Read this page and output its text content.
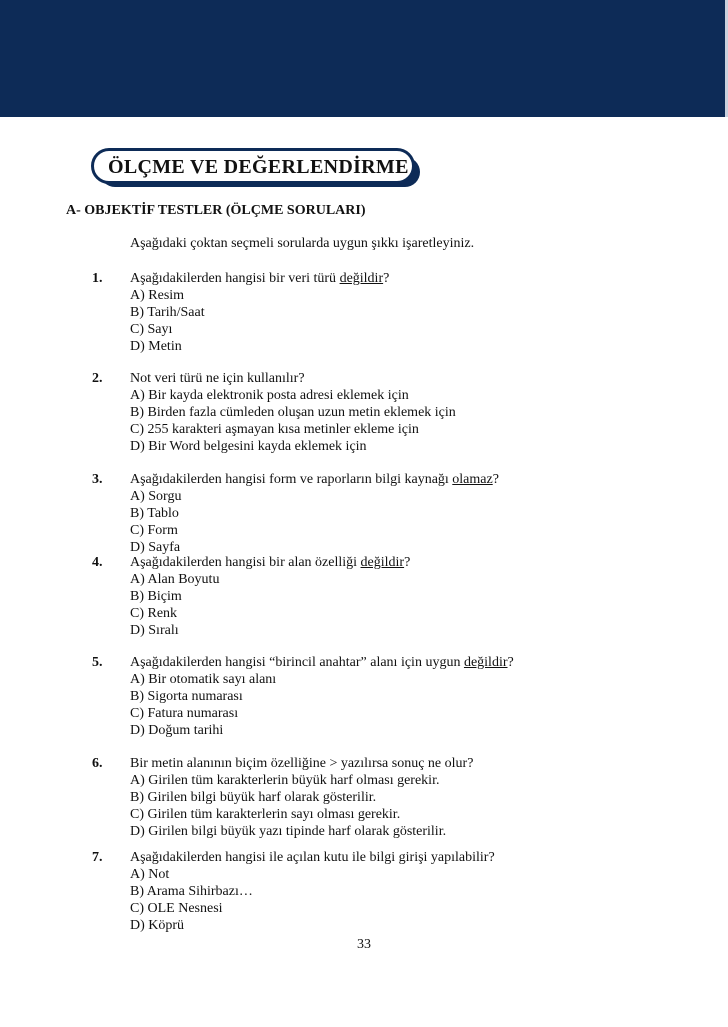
ÖLÇME VE DEĞERLENDİRME
A- OBJEKTİF TESTLER (ÖLÇME SORULARI)
Aşağıdaki çoktan seçmeli sorularda uygun şıkkı işaretleyiniz.
1. Aşağıdakilerden hangisi bir veri türü değildir?
A) Resim
B) Tarih/Saat
C) Sayı
D) Metin
2. Not veri türü ne için kullanılır?
A) Bir kayda elektronik posta adresi eklemek için
B) Birden fazla cümleden oluşan uzun metin eklemek için
C) 255 karakteri aşmayan kısa metinler ekleme için
D) Bir Word belgesini kayda eklemek için
3. Aşağıdakilerden hangisi form ve raporların bilgi kaynağı olamaz?
A) Sorgu
B) Tablo
C) Form
D) Sayfa
4. Aşağıdakilerden hangisi bir alan özelliği değildir?
A) Alan Boyutu
B) Biçim
C) Renk
D) Sıralı
5. Aşağıdakilerden hangisi “birincil anahtar” alanı için uygun değildir?
A) Bir otomatik sayı alanı
B) Sigorta numarası
C) Fatura numarası
D) Doğum tarihi
6. Bir metin alanının biçim özelliğine > yazılırsa sonuç ne olur?
A) Girilen tüm karakterlerin büyük harf olması gerekir.
B) Girilen bilgi büyük harf olarak gösterilir.
C) Girilen tüm karakterlerin sayı olması gerekir.
D) Girilen bilgi büyük yazı tipinde harf olarak gösterilir.
7. Aşağıdakilerden hangisi ile açılan kutu ile bilgi girişi yapılabilir?
A) Not
B) Arama Sihirbazı…
C) OLE Nesnesi
D) Köprü
33
